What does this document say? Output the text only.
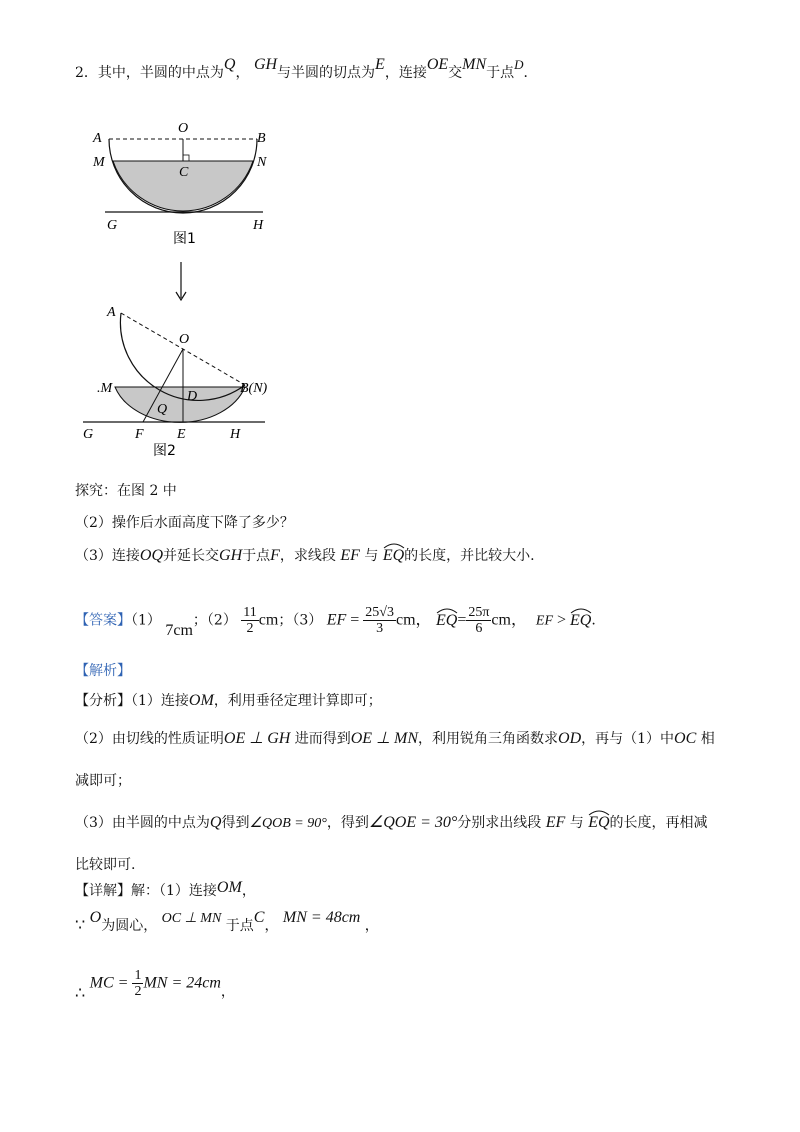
2．其中，半圆的中点为Q， GH与半圆的切点为E，连接OE交MN于点D．
A
O
B
M	N
C
G	H
图1
A
O
B(N)
.M
D
Q
G	F E	H
图2
探究：在图 2 中
（2）操作后水面高度下降了多少？
（3）连接OQ并延长交GH于点F，求线段 EF 与 EQ的长度，并比较大小.
【答案】（1） 7cm；$(2) \frac{11}{2}$ cm；（3） EF = $\frac{25√3}{3}$ cm， $EQ= \frac{25\pi}{6}$ cm， EF >
EQ.
【解析】
【分析】（1）连接OM，利用垂径定理计算即可；
（2）由切线的性质证明OE ⊥ GH 进而得到OE ⊥ MN，利用锐角三角函数求OD，再与（1）中OC 相
减即可；
（3）由半圆的中点为Q得到∠QOB = 90°，得到∠QOE = 30°分别求出线段 EF 与 EQ的长度，再相减
比较即可.
【详解】解：（1）连接OM，
∵ O为圆心， OC ⊥ MN 于点C， MN = 48cm ，
∴ MC = $\frac{1}{2}$ MN = 24cm，
